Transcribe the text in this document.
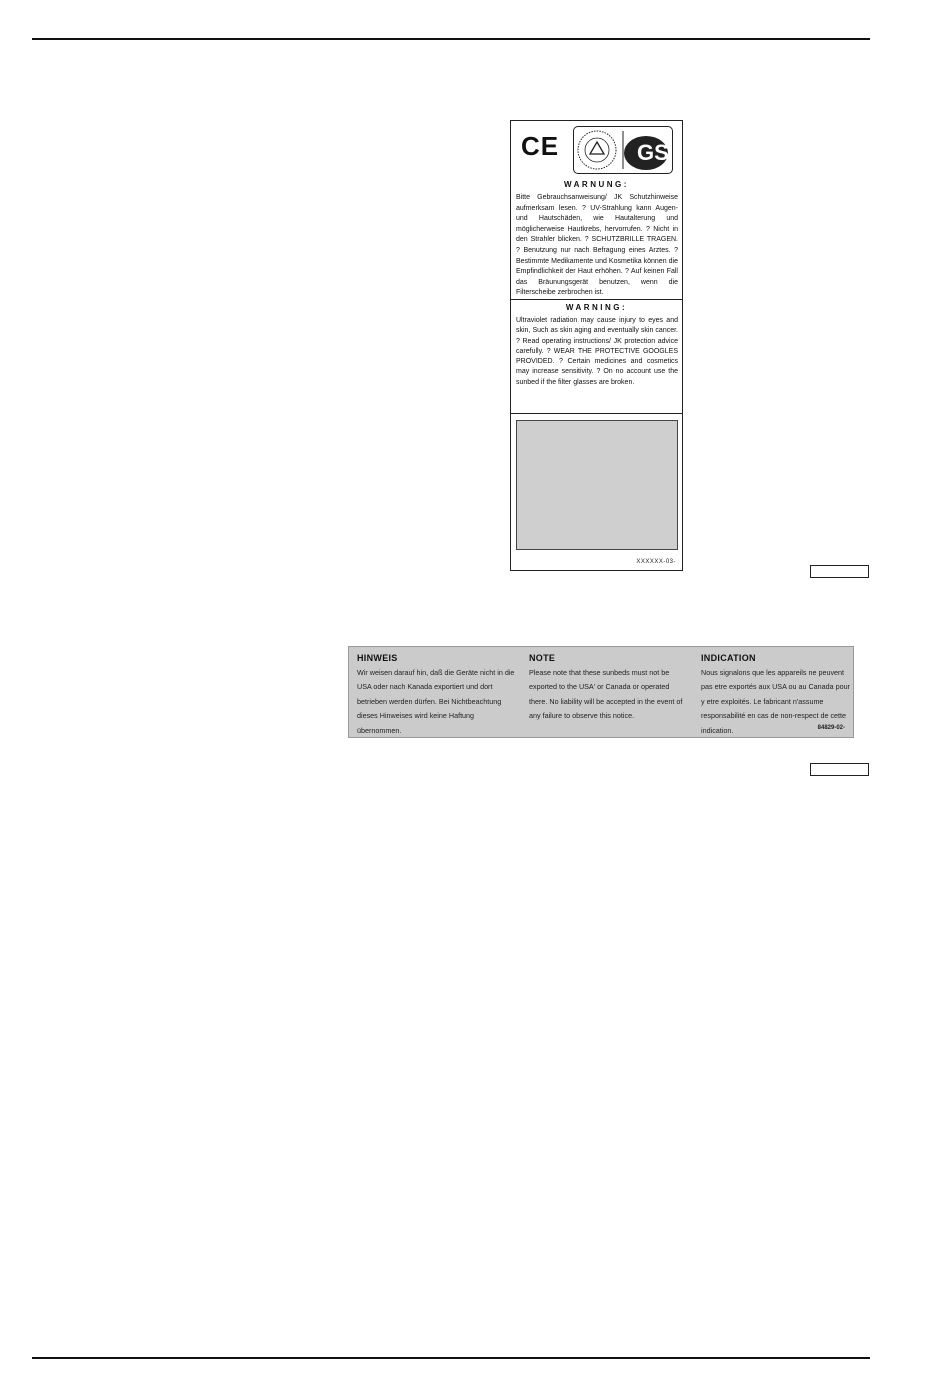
CE	GS
WARNUNG:
Bitte Gebrauchsanweisung/ JK Schutzhinweise aufmerksam lesen. ? UV-Strahlung kann Augen- und Hautschäden, wie Hautalterung und möglicherweise Hautkrebs, hervorrufen. ? Nicht in den Strahler blicken. ? SCHUTZBRILLE TRAGEN. ? Benutzung nur nach Befragung eines Arztes. ? Bestimmte Medikamente und Kosmetika können die Empfindlichkeit der Haut erhöhen. ? Auf keinen Fall das Bräunungsgerät benutzen, wenn die Filterscheibe zerbrochen ist.
WARNING:
Ultraviolet radiation may cause injury to eyes and skin, Such as skin aging and eventually skin cancer. ? Read operating instructions/ JK protection advice carefully. ? WEAR THE PROTECTIVE GOOGLES PROVIDED. ? Certain medicines and cosmetics may increase sensitivity. ? On no account use the sunbed if the filter glasses are broken.
XXXXXX-03-
HINWEIS

Wir weisen darauf hin, daß die Geräte nicht in die USA oder nach Kanada exportiert und dort betrieben werden dürfen. Bei Nichtbeachtung dieses Hinweises wird keine Haftung übernommen.

NOTE

Please note that these sunbeds must not be exported to the USA' or Canada or operated there. No liability will be accepted in the event of any failure to observe this notice.

INDICATION

Nous signalons que les appareils ne peuvent pas etre exportés aux USA ou au Canada pour y etre exploités. Le fabricant n'assume responsabilité en cas de non-respect de cette indication.	84829-02-
